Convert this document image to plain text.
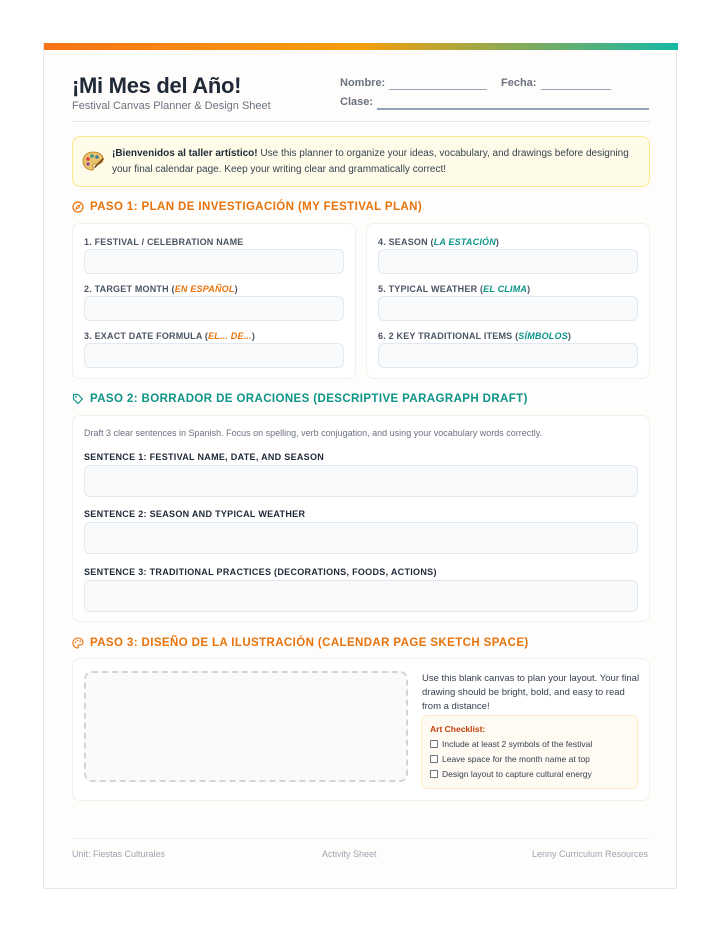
¡Mi Mes del Año!
Festival Canvas Planner & Design Sheet
Nombre:	Fecha:
Clase:
¡Bienvenidos al taller artístico! Use this planner to organize your ideas, vocabulary, and drawings before designing your final calendar page. Keep your writing clear and grammatically correct!
PASO 1: PLAN DE INVESTIGACIÓN (MY FESTIVAL PLAN)
1. FESTIVAL / CELEBRATION NAME
2. TARGET MONTH (EN ESPAÑOL)
3. EXACT DATE FORMULA (EL... DE...)
4. SEASON (LA ESTACIÓN)
5. TYPICAL WEATHER (EL CLIMA)
6. 2 KEY TRADITIONAL ITEMS (SÍMBOLOS)
PASO 2: BORRADOR DE ORACIONES (DESCRIPTIVE PARAGRAPH DRAFT)
Draft 3 clear sentences in Spanish. Focus on spelling, verb conjugation, and using your vocabulary words correctly.
SENTENCE 1: FESTIVAL NAME, DATE, AND SEASON
SENTENCE 2: SEASON AND TYPICAL WEATHER
SENTENCE 3: TRADITIONAL PRACTICES (DECORATIONS, FOODS, ACTIONS)
PASO 3: DISEÑO DE LA ILUSTRACIÓN (CALENDAR PAGE SKETCH SPACE)
Use this blank canvas to plan your layout. Your final drawing should be bright, bold, and easy to read from a distance!
Art Checklist:
Include at least 2 symbols of the festival
Leave space for the month name at top
Design layout to capture cultural energy
Unit: Fiestas Culturales	Activity Sheet	Lenny Curriculum Resources
